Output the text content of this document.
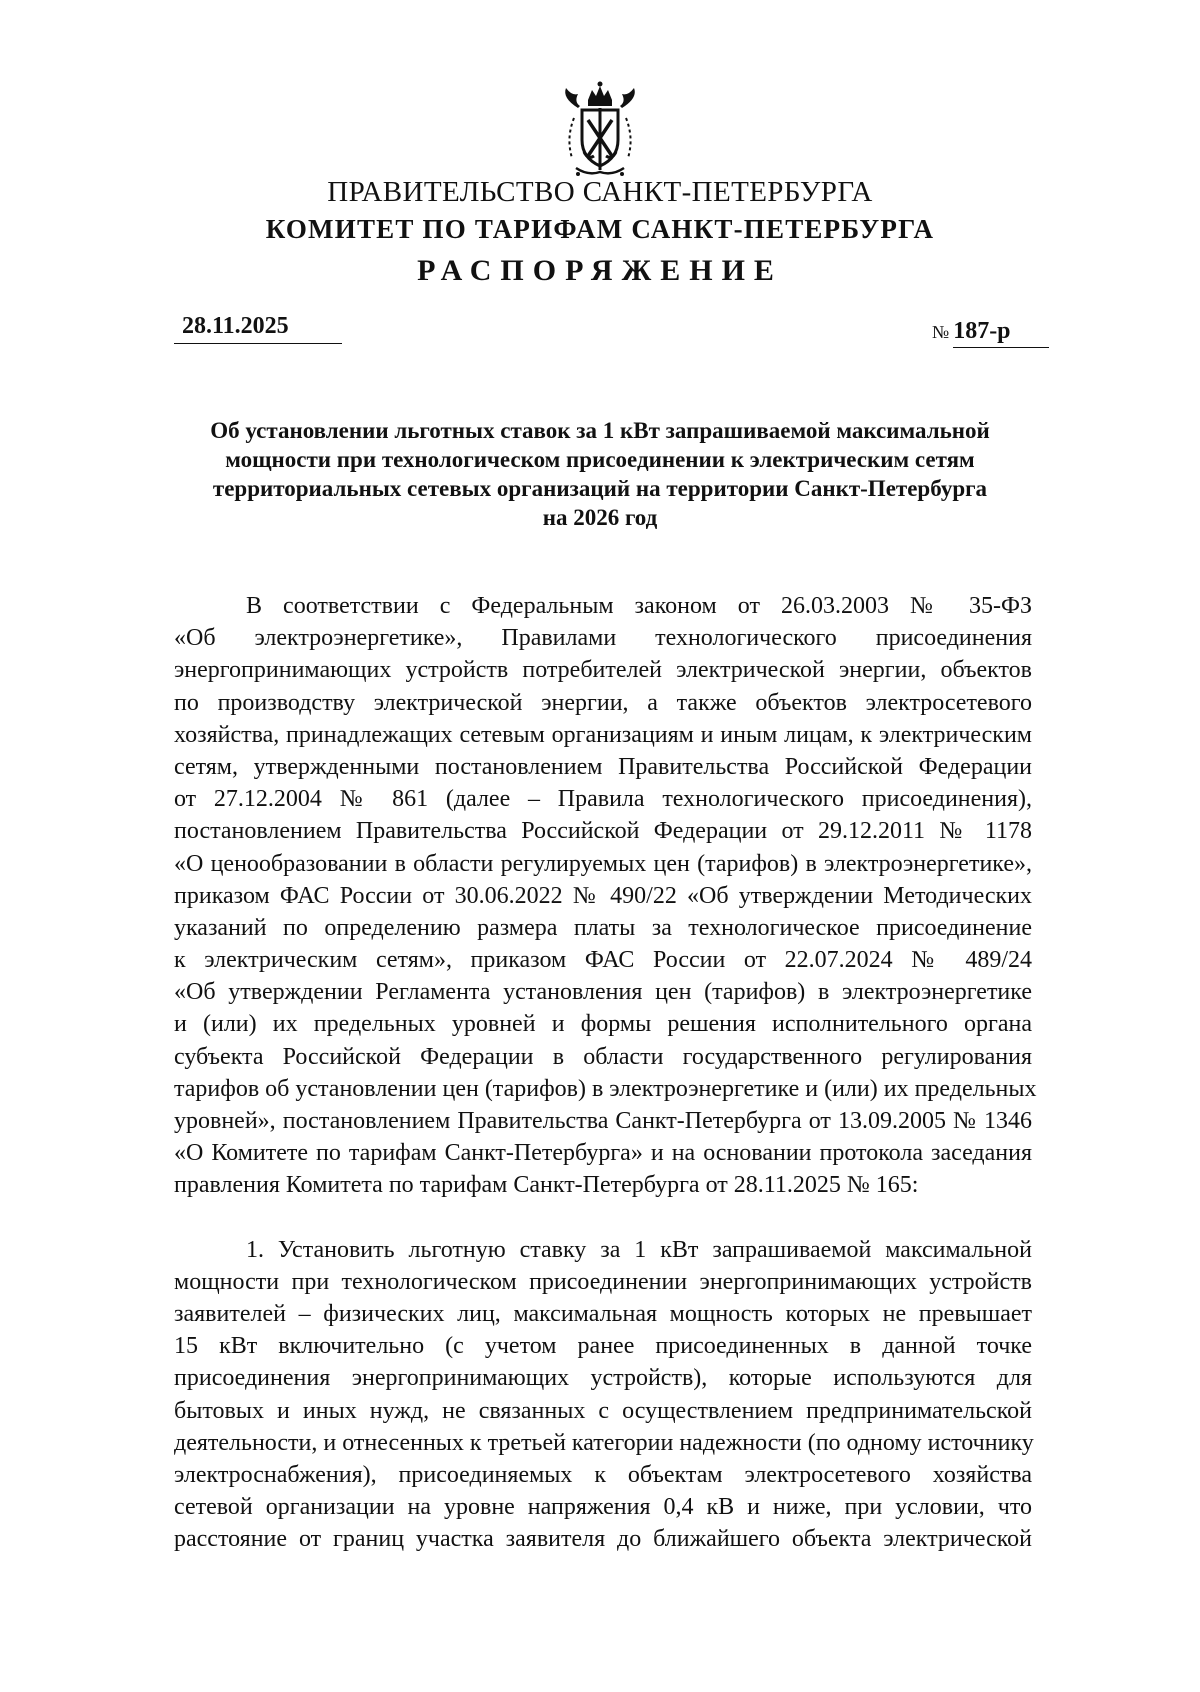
ПРАВИТЕЛЬСТВО САНКТ-ПЕТЕРБУРГА
КОМИТЕТ ПО ТАРИФАМ САНКТ-ПЕТЕРБУРГА
РАСПОРЯЖЕНИЕ
28.11.2025	№ 187-р
Об установлении льготных ставок за 1 кВт запрашиваемой максимальной
мощности при технологическом присоединении к электрическим сетям
территориальных сетевых организаций на территории Санкт-Петербурга
на 2026 год
В соответствии с Федеральным законом от 26.03.2003 № 35-ФЗ
«Об электроэнергетике», Правилами технологического присоединения
энергопринимающих устройств потребителей электрической энергии, объектов
по производству электрической энергии, а также объектов электросетевого
хозяйства, принадлежащих сетевым организациям и иным лицам, к электрическим
сетям, утвержденными постановлением Правительства Российской Федерации
от 27.12.2004 № 861 (далее – Правила технологического присоединения),
постановлением Правительства Российской Федерации от 29.12.2011 № 1178
«О ценообразовании в области регулируемых цен (тарифов) в электроэнергетике»,
приказом ФАС России от 30.06.2022 № 490/22 «Об утверждении Методических
указаний по определению размера платы за технологическое присоединение
к электрическим сетям», приказом ФАС России от 22.07.2024 № 489/24
«Об утверждении Регламента установления цен (тарифов) в электроэнергетике
и (или) их предельных уровней и формы решения исполнительного органа
субъекта Российской Федерации в области государственного регулирования
тарифов об установлении цен (тарифов) в электроэнергетике и (или) их предельных
уровней», постановлением Правительства Санкт-Петербурга от 13.09.2005 № 1346
«О Комитете по тарифам Санкт-Петербурга» и на основании протокола заседания
правления Комитета по тарифам Санкт-Петербурга от 28.11.2025 № 165:
1. Установить льготную ставку за 1 кВт запрашиваемой максимальной
мощности при технологическом присоединении энергопринимающих устройств
заявителей – физических лиц, максимальная мощность которых не превышает
15 кВт включительно (с учетом ранее присоединенных в данной точке
присоединения энергопринимающих устройств), которые используются для
бытовых и иных нужд, не связанных с осуществлением предпринимательской
деятельности, и отнесенных к третьей категории надежности (по одному источнику
электроснабжения), присоединяемых к объектам электросетевого хозяйства
сетевой организации на уровне напряжения 0,4 кВ и ниже, при условии, что
расстояние от границ участка заявителя до ближайшего объекта электрической
